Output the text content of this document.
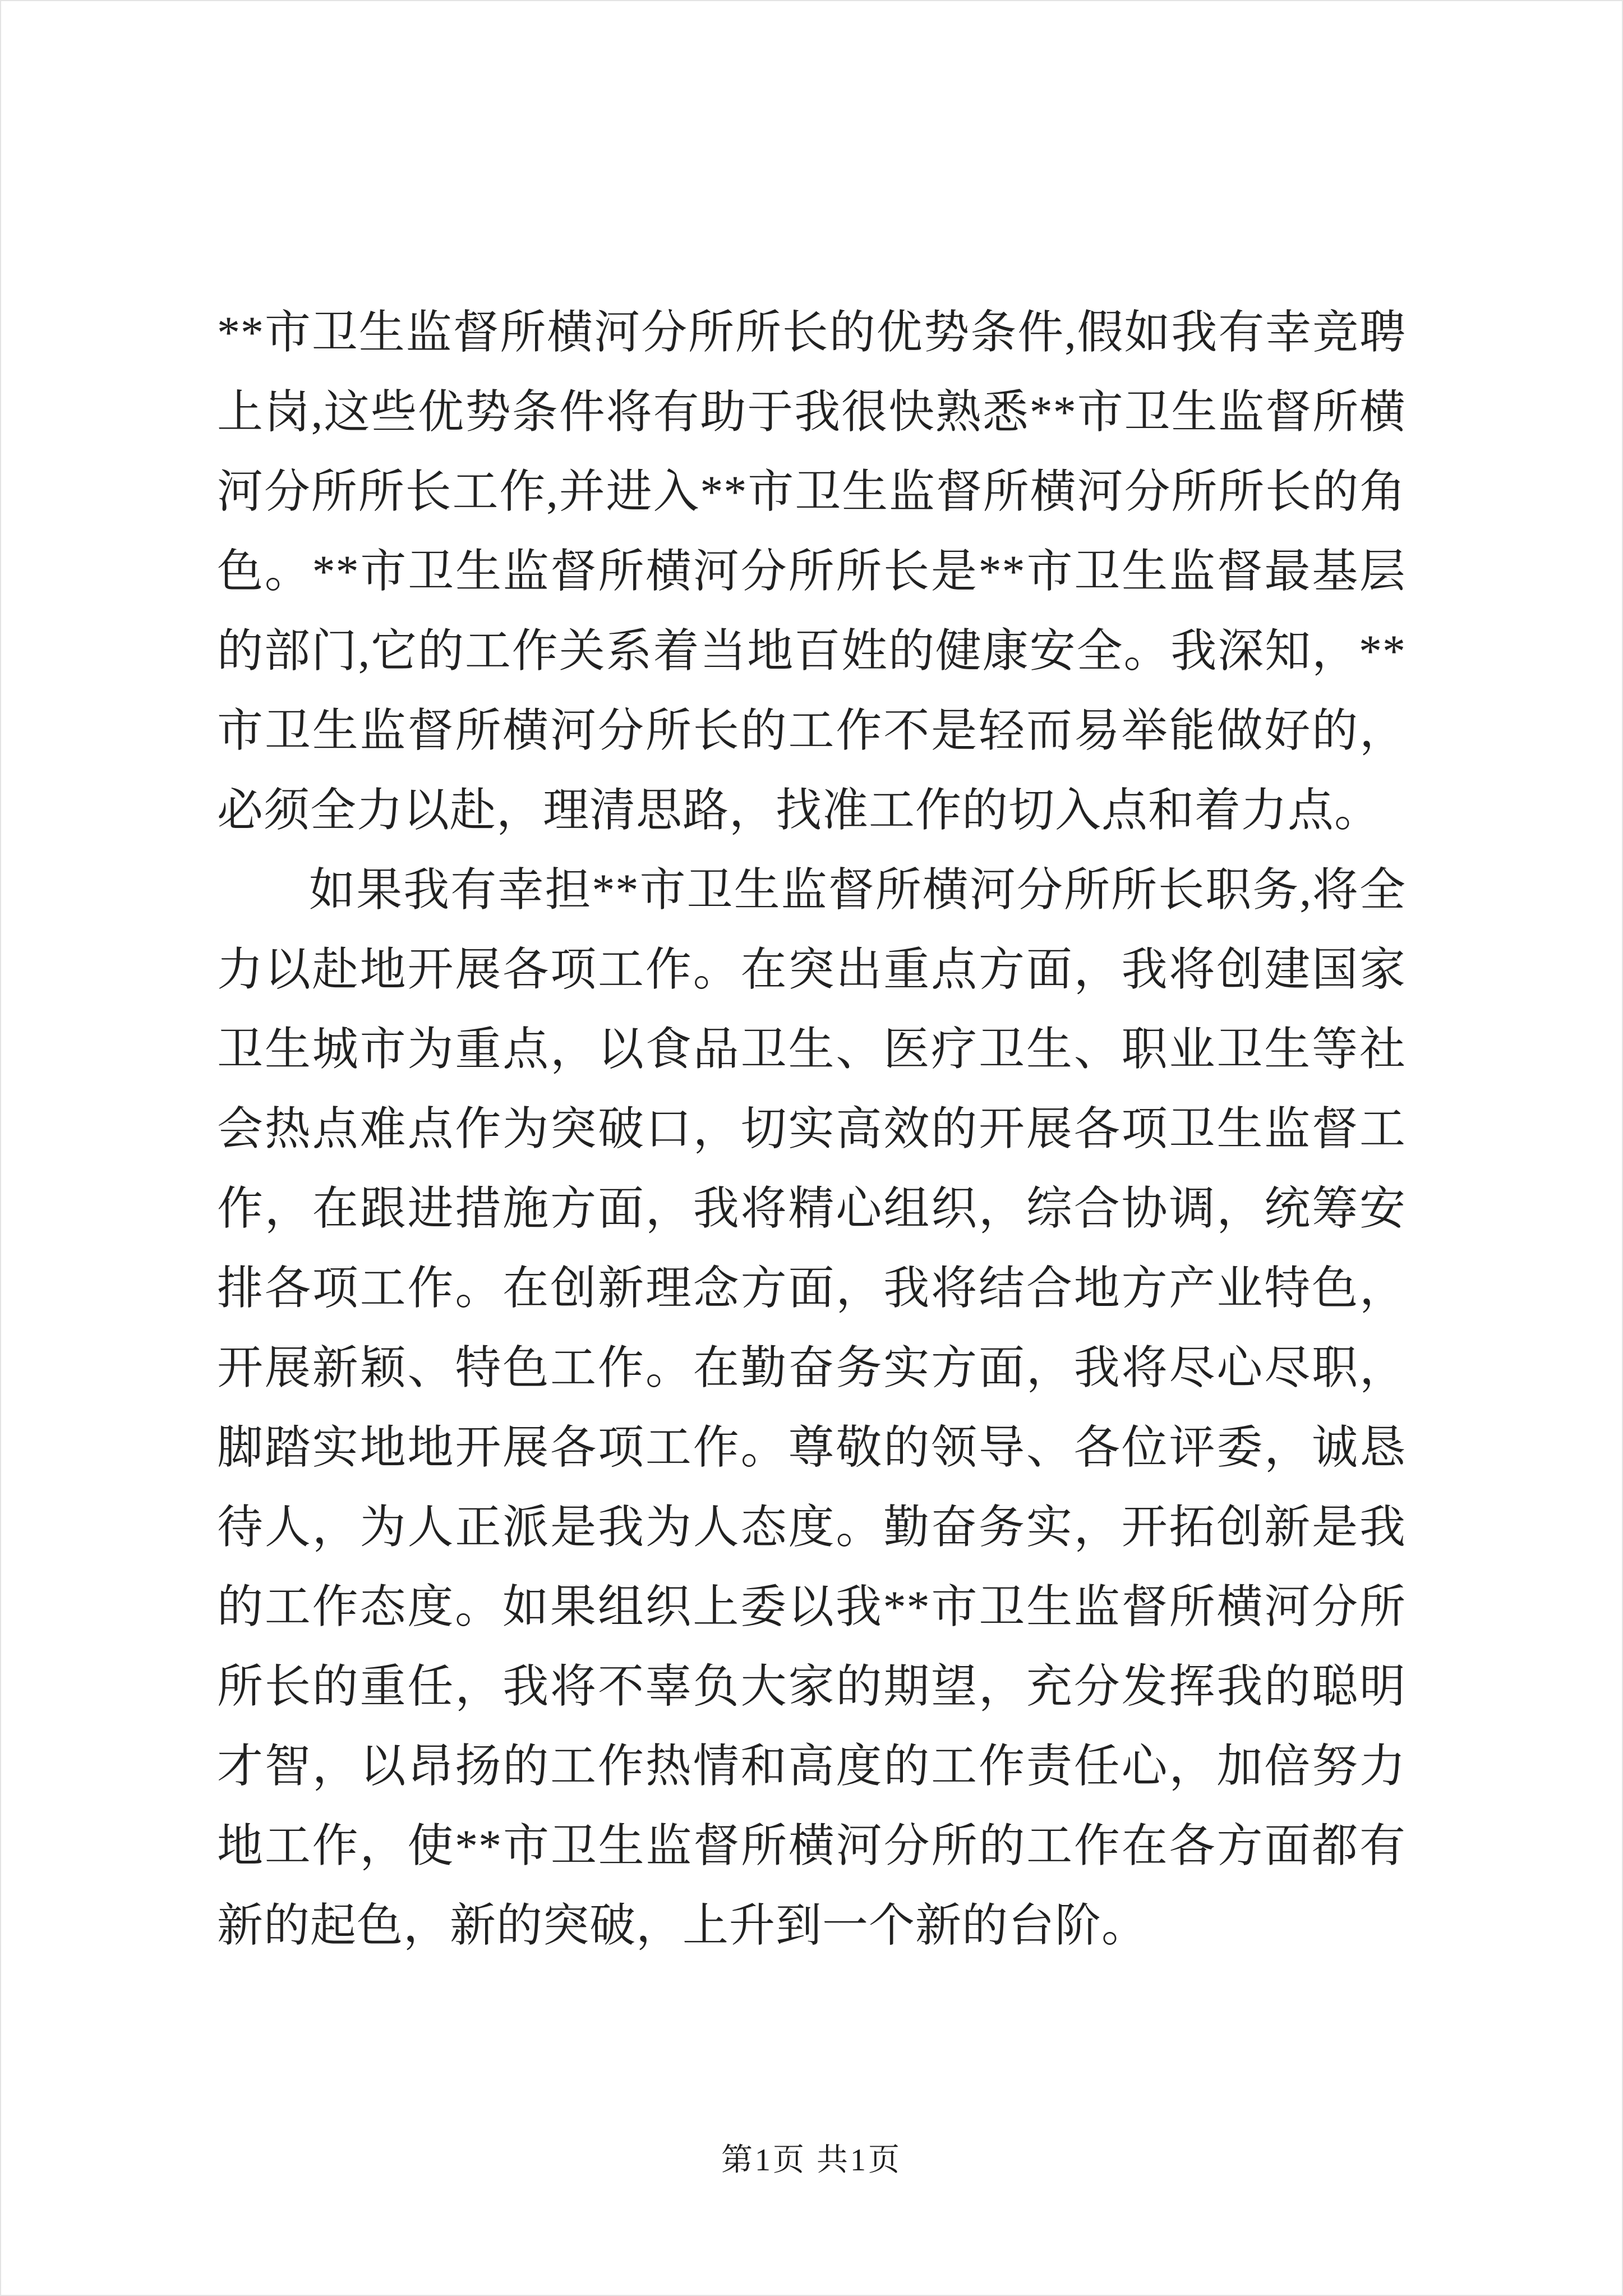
**市卫生监督所横河分所所长的优势条件,假如我有幸竞聘上岗,这些优势条件将有助于我很快熟悉**市卫生监督所横河分所所长工作,并进入**市卫生监督所横河分所所长的角色。**市卫生监督所横河分所所长是**市卫生监督最基层的部门,它的工作关系着当地百姓的健康安全。我深知，**市卫生监督所横河分所长的工作不是轻而易举能做好的，必须全力以赴，理清思路，找准工作的切入点和着力点。

如果我有幸担**市卫生监督所横河分所所长职务,将全力以赴地开展各项工作。在突出重点方面，我将创建国家卫生城市为重点，以食品卫生、医疗卫生、职业卫生等社会热点难点作为突破口，切实高效的开展各项卫生监督工作，在跟进措施方面，我将精心组织，综合协调，统筹安排各项工作。在创新理念方面，我将结合地方产业特色，开展新颖、特色工作。在勤奋务实方面，我将尽心尽职，脚踏实地地开展各项工作。尊敬的领导、各位评委，诚恳待人，为人正派是我为人态度。勤奋务实，开拓创新是我的工作态度。如果组织上委以我**市卫生监督所横河分所所长的重任，我将不辜负大家的期望，充分发挥我的聪明才智，以昂扬的工作热情和高度的工作责任心，加倍努力地工作，使**市卫生监督所横河分所的工作在各方面都有新的起色，新的突破，上升到一个新的台阶。

第1页 共1页
